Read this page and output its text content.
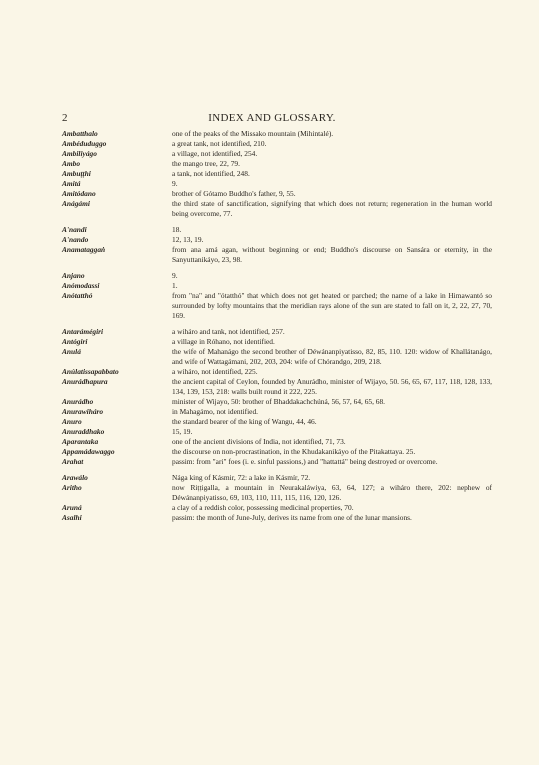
2	INDEX AND GLOSSARY.
Ambatthalo	one of the peaks of the Missako mountain (Mihintalé).
Ambéduduggo	a great tank, not identified, 210.
Ambiliyágo	a village, not identified, 254.
Ambo	the mango tree, 22, 79.
Ambuṭṭhi	a tank, not identified, 248.
Amitá	9.
Amitódano	brother of Gótamo Buddho's father, 9, 55.
Anágámi	the third state of sanctification, signifying that which does not return; regeneration in the human world being overcome, 77.
A'nandi	18.
A'nando	12, 13, 19.
Anamataggaṅ	from ana amá agan, without beginning or end; Buddho's discourse on Sansára or eternity, in the Sanyuttanikáyo, 23, 98.
Anjano	9.
Anómodassi	1.
Anótatthó	from "na" and "ótatthó" that which does not get heated or parched; the name of a lake in Himawantó so surrounded by lofty mountains that the meridian rays alone of the sun are stated to fall on it, 2, 22, 27, 70, 169.
Antarámégiri	a wiháro and tank, not identified, 257.
Antógiri	a village in Róhano, not identified.
Anulá	the wife of Mahanágo the second brother of Déwánanpiyatisso, 82, 85, 110. 120: widow of Khallátanágo, and wife of Wattagámani, 202, 203, 204: wife of Chórandgo, 209, 218.
Anúlatissapabbato	a wiháro, not identified, 225.
Anurádhapura	the ancient capital of Ceylon, founded by Anurádho, minister of Wijayo, 50. 56, 65, 67, 117, 118, 128, 133, 134, 139, 153, 218: walls built round it 222, 225.
Anurádho	minister of Wijayo, 50: brother of Bhaddakachchúná, 56, 57, 64, 65, 68.
Anurawiháro	in Mahagámo, not identified.
Anuro	the standard bearer of the king of Wangu, 44, 46.
Anuraddhako	15, 19.
Aparantaka	one of the ancient divisions of India, not identified, 71, 73.
Appamádawaggo	the discourse on non-procrastination, in the Khudakanikáyo of the Pitakattaya. 25.
Arahat	passim: from "ari" foes (i. e. sinful passions,) and "hattattá" being destroyed or overcome.
Arawálo	Nága king of Kásmir, 72: a lake in Kásmír, 72.
Aritho	now Riṭṭigalla, a mountain in Neurakaláwiya, 63, 64, 127; a wiháro there, 202: nephew of Déwánanpiyatisso, 69, 103, 110, 111, 115, 116, 120, 126.
Aruná	a clay of a reddish color, possessing medicinal properties, 70.
Asalhi	passim: the month of June-July, derives its name from one of the lunar mansions.
